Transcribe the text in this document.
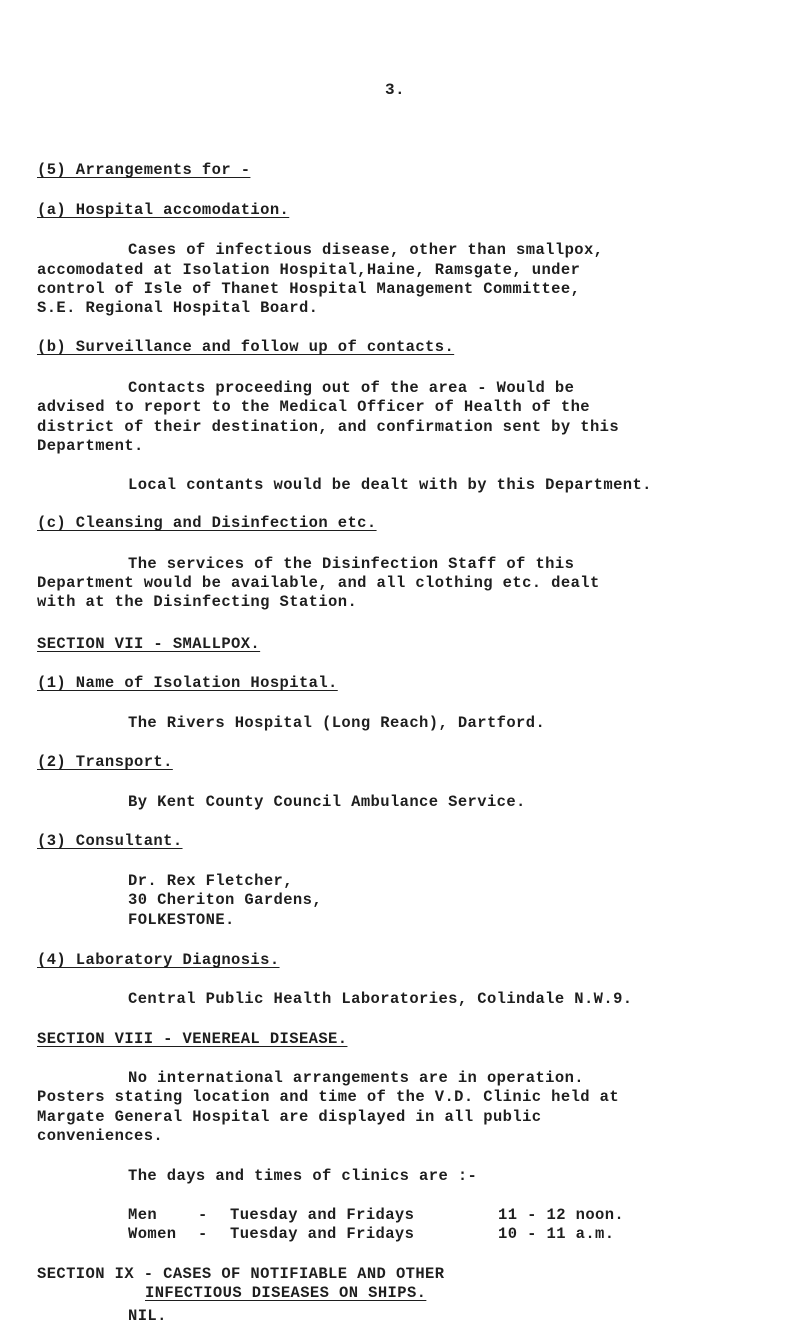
3.
(5) Arrangements for -
(a) Hospital accomodation.
Cases of infectious disease, other than smallpox,
accomodated at Isolation Hospital,Haine, Ramsgate, under
control of Isle of Thanet Hospital Management Committee,
S.E. Regional Hospital Board.
(b) Surveillance and follow up of contacts.
Contacts proceeding out of the area - Would be
advised to report to the Medical Officer of Health of the
district of their destination, and confirmation sent by this
Department.
Local contants would be dealt with by this Department.
(c) Cleansing and Disinfection etc.
The services of the Disinfection Staff of this
Department would be available, and all clothing etc. dealt
with at the Disinfecting Station.
SECTION VII - SMALLPOX.
(1) Name of Isolation Hospital.
The Rivers Hospital (Long Reach), Dartford.
(2) Transport.
By Kent County Council Ambulance Service.
(3) Consultant.
Dr. Rex Fletcher,
30 Cheriton Gardens,
FOLKESTONE.
(4) Laboratory Diagnosis.
Central Public Health Laboratories, Colindale N.W.9.
SECTION VIII - VENEREAL DISEASE.
No international arrangements are in operation.
Posters stating location and time of the V.D. Clinic held at
Margate General Hospital are displayed in all public
conveniences.
The days and times of clinics are :-
Men	- Tuesday and Fridays	11 - 12 noon.
Women - Tuesday and Fridays	10 - 11 a.m.
SECTION IX - CASES OF NOTIFIABLE AND OTHER
INFECTIOUS DISEASES ON SHIPS.
NIL.
